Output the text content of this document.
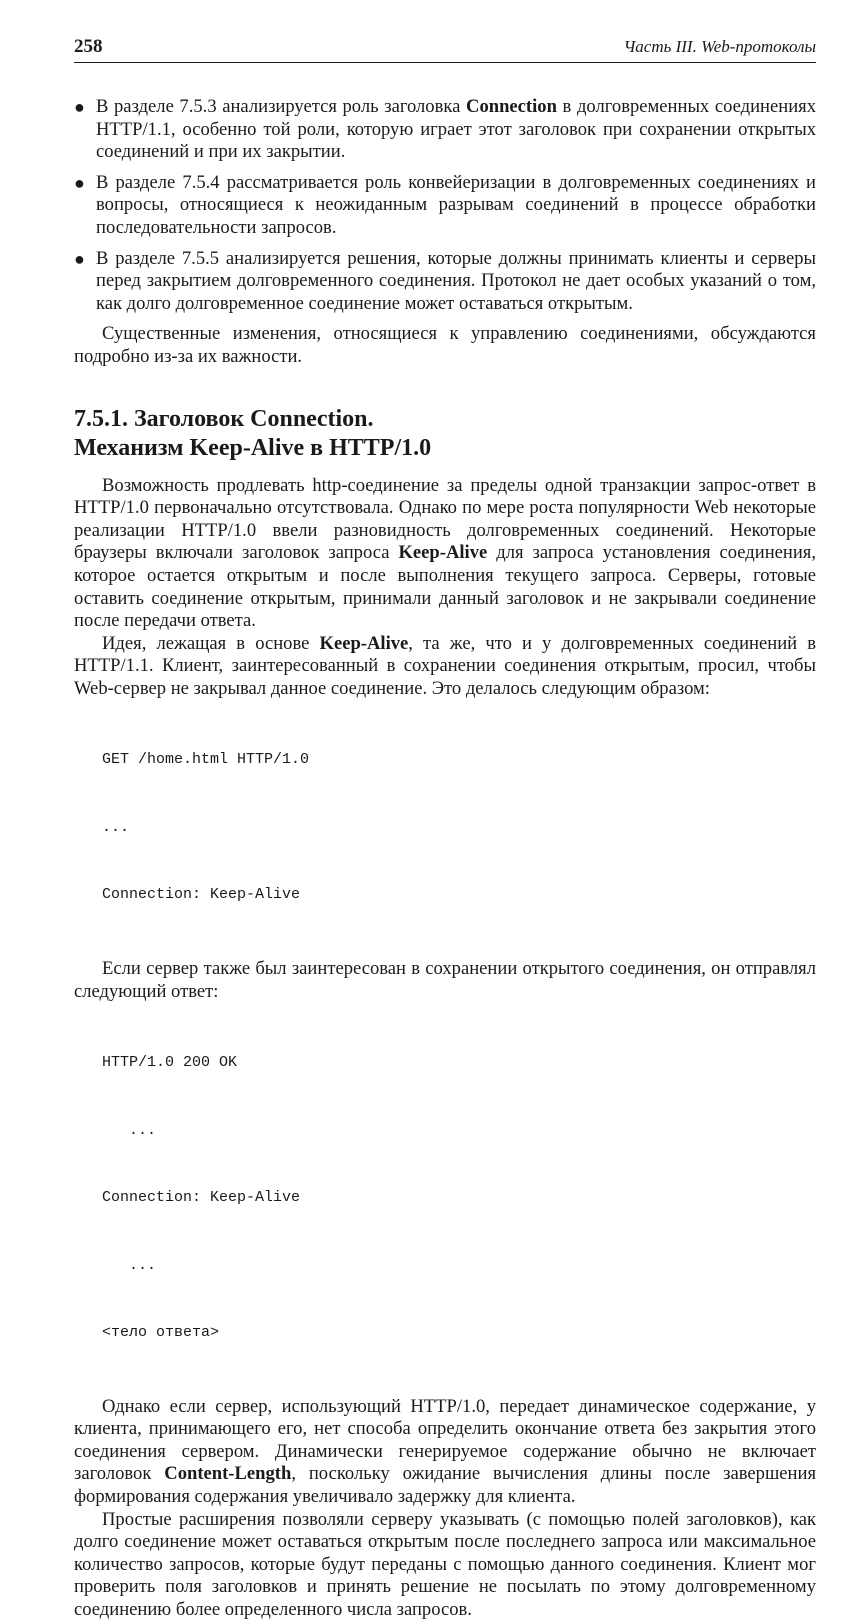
258	Часть III. Web-протоколы
● В разделе 7.5.3 анализируется роль заголовка Connection в долговременных соединениях HTTP/1.1, особенно той роли, которую играет этот заголовок при сохранении открытых соединений и при их закрытии.
● В разделе 7.5.4 рассматривается роль конвейеризации в долговременных соединениях и вопросы, относящиеся к неожиданным разрывам соединений в процессе обработки последовательности запросов.
● В разделе 7.5.5 анализируется решения, которые должны принимать клиенты и серверы перед закрытием долговременного соединения. Протокол не дает особых указаний о том, как долго долговременное соединение может оставаться открытым.

Существенные изменения, относящиеся к управлению соединениями, обсуждаются подробно из-за их важности.

7.5.1. Заголовок Connection.
Механизм Keep-Alive в HTTP/1.0

Возможность продлевать http-соединение за пределы одной транзакции запрос-ответ в HTTP/1.0 первоначально отсутствовала. Однако по мере роста популярности Web некоторые реализации HTTP/1.0 ввели разновидность долговременных соединений. Некоторые браузеры включали заголовок запроса Keep-Alive для запроса установления соединения, которое остается открытым и после выполнения текущего запроса. Серверы, готовые оставить соединение открытым, принимали данный заголовок и не закрывали соединение после передачи ответа.

Идея, лежащая в основе Keep-Alive, та же, что и у долговременных соединений в HTTP/1.1. Клиент, заинтересованный в сохранении соединения открытым, просил, чтобы Web-сервер не закрывал данное соединение. Это делалось следующим образом:

GET /home.html HTTP/1.0

...

Connection: Keep-Alive

Если сервер также был заинтересован в сохранении открытого соединения, он отправлял следующий ответ:

HTTP/1.0 200 OK

...

Connection: Keep-Alive

...

<тело ответа>

Однако если сервер, использующий HTTP/1.0, передает динамическое содержание, у клиента, принимающего его, нет способа определить окончание ответа без закрытия этого соединения сервером. Динамически генерируемое содержание обычно не включает заголовок Content-Length, поскольку ожидание вычисления длины после завершения формирования содержания увеличивало задержку для клиента.

Простые расширения позволяли серверу указывать (с помощью полей заголовков), как долго соединение может оставаться открытым после последнего запроса или максимальное количество запросов, которые будут переданы с помощью данного соединения. Клиент мог проверить поля заголовков и принять решение не посылать по этому долговременному соединению более определенного числа запросов.
